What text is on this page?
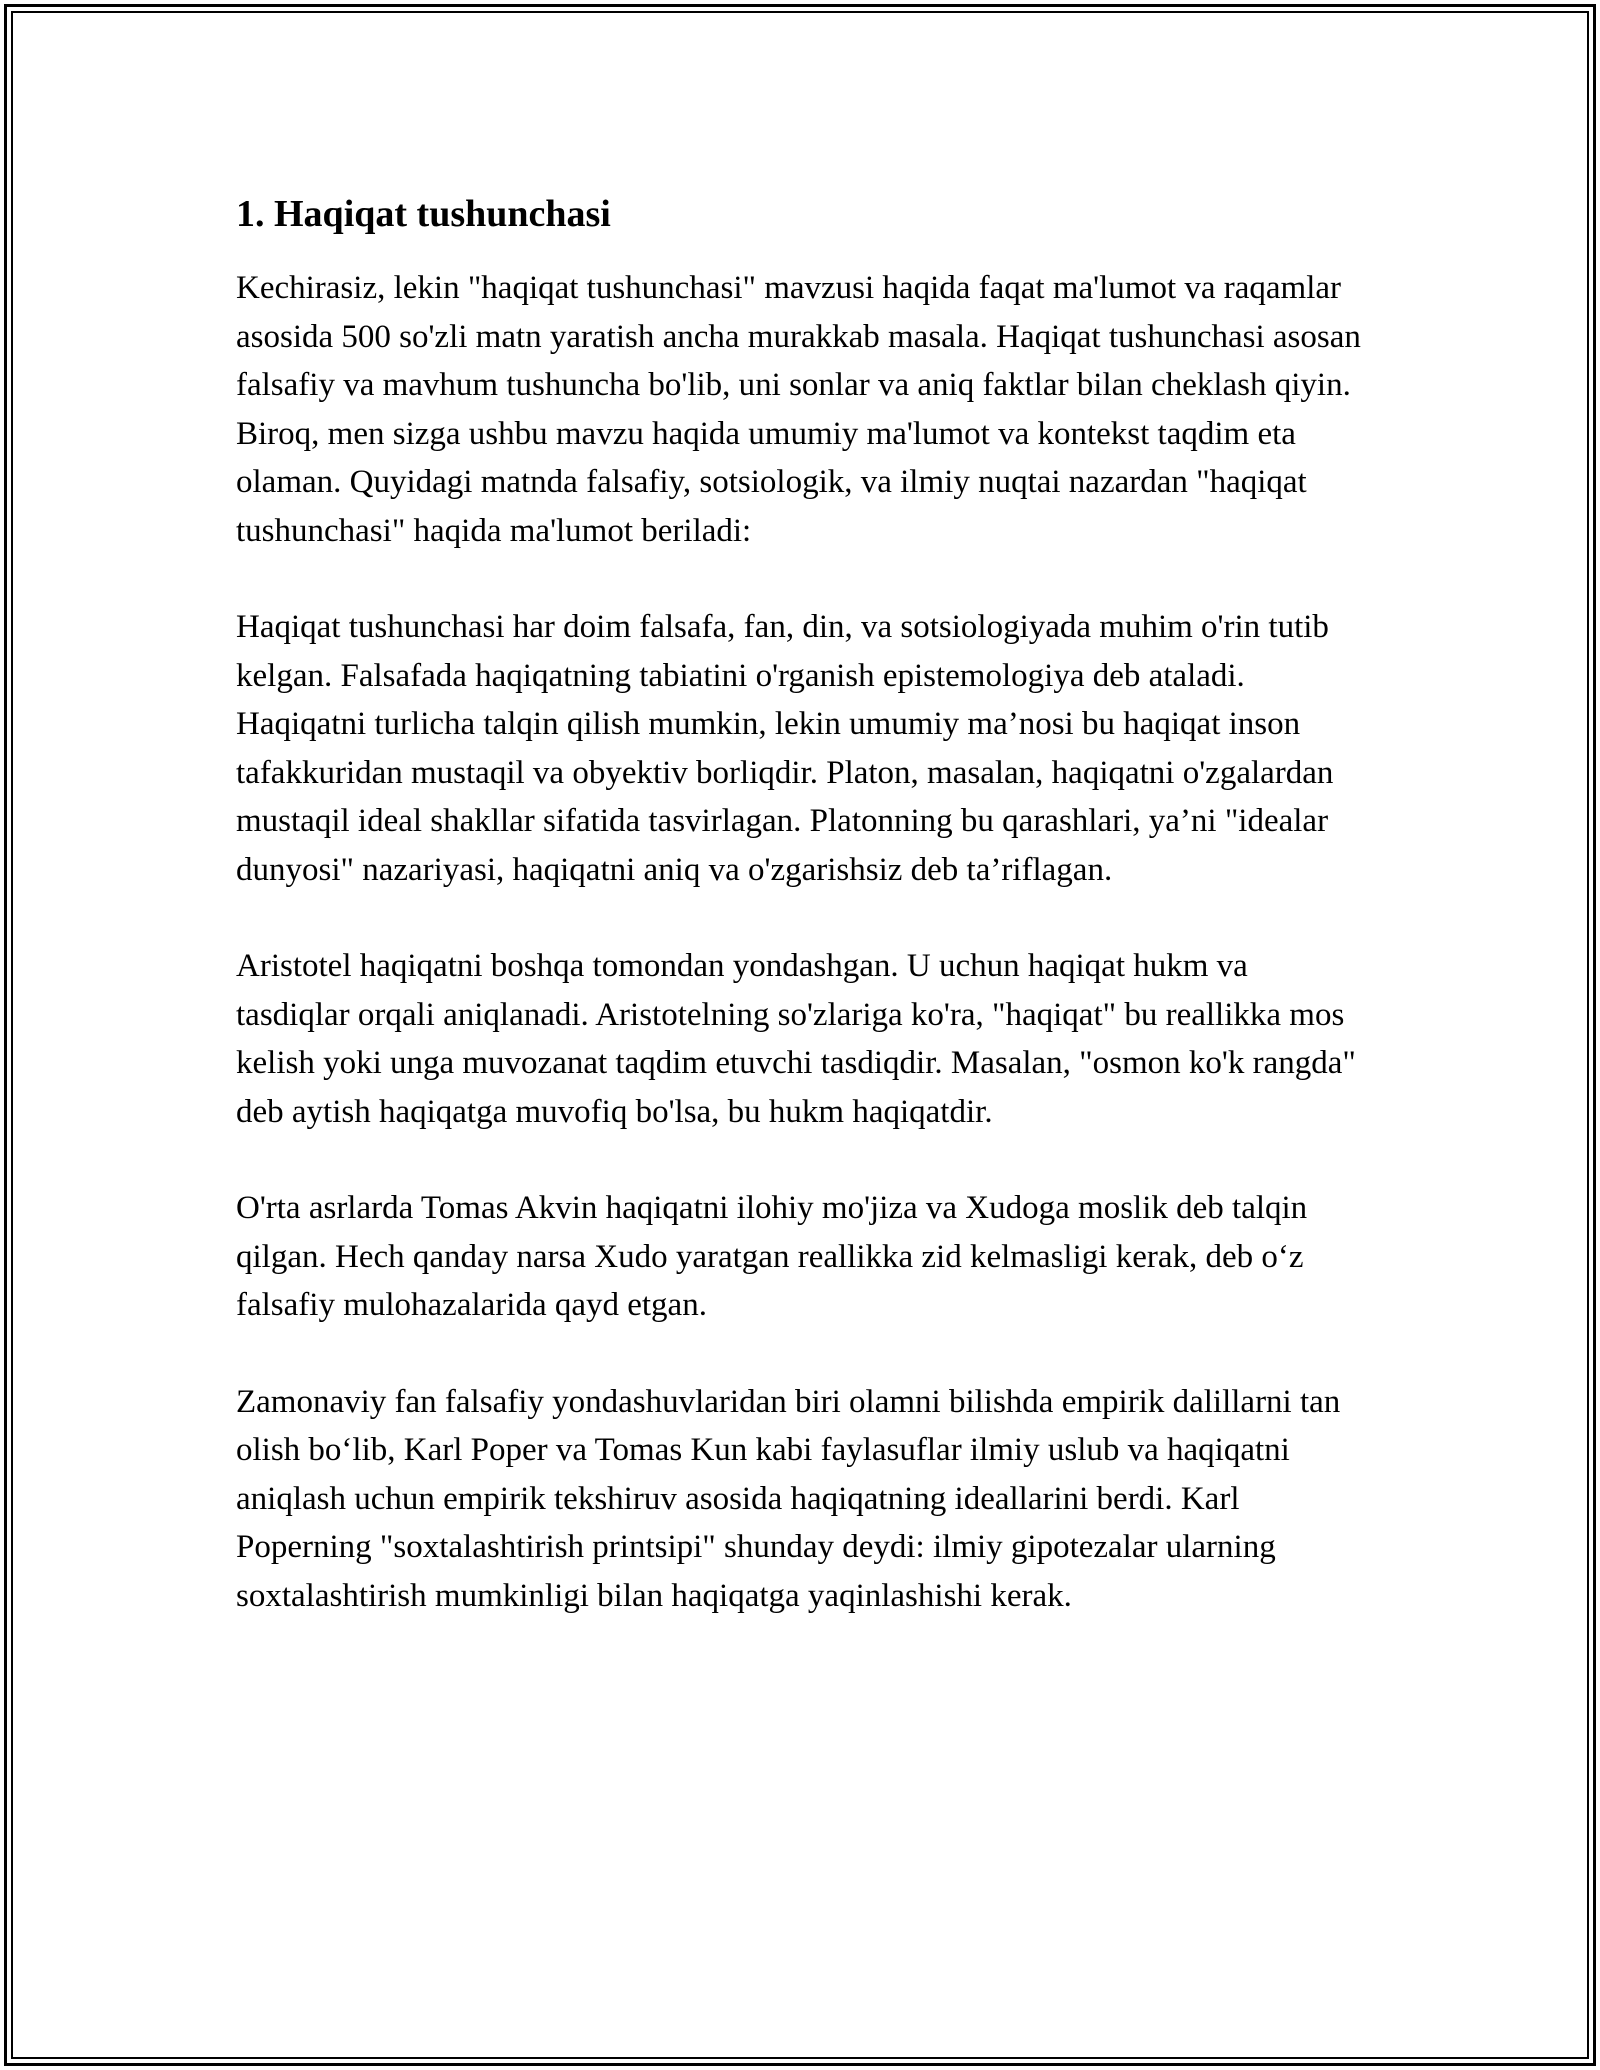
1. Haqiqat tushunchasi

Kechirasiz, lekin "haqiqat tushunchasi" mavzusi haqida faqat ma'lumot va raqamlar asosida 500 so'zli matn yaratish ancha murakkab masala. Haqiqat tushunchasi asosan falsafiy va mavhum tushuncha bo'lib, uni sonlar va aniq faktlar bilan cheklash qiyin. Biroq, men sizga ushbu mavzu haqida umumiy ma'lumot va kontekst taqdim eta olaman. Quyidagi matnda falsafiy, sotsiologik, va ilmiy nuqtai nazardan "haqiqat tushunchasi" haqida ma'lumot beriladi:

Haqiqat tushunchasi har doim falsafa, fan, din, va sotsiologiyada muhim o'rin tutib kelgan. Falsafada haqiqatning tabiatini o'rganish epistemologiya deb ataladi. Haqiqatni turlicha talqin qilish mumkin, lekin umumiy ma’nosi bu haqiqat inson tafakkuridan mustaqil va obyektiv borliqdir. Platon, masalan, haqiqatni o'zgalardan mustaqil ideal shakllar sifatida tasvirlagan. Platonning bu qarashlari, ya’ni "idealar dunyosi" nazariyasi, haqiqatni aniq va o'zgarishsiz deb ta’riflagan.

Aristotel haqiqatni boshqa tomondan yondashgan. U uchun haqiqat hukm va tasdiqlar orqali aniqlanadi. Aristotelning so'zlariga ko'ra, "haqiqat" bu reallikka mos kelish yoki unga muvozanat taqdim etuvchi tasdiqdir. Masalan, "osmon ko'k rangda" deb aytish haqiqatga muvofiq bo'lsa, bu hukm haqiqatdir.

O'rta asrlarda Tomas Akvin haqiqatni ilohiy mo'jiza va Xudoga moslik deb talqin qilgan. Hech qanday narsa Xudo yaratgan reallikka zid kelmasligi kerak, deb o‘z falsafiy mulohazalarida qayd etgan.

Zamonaviy fan falsafiy yondashuvlaridan biri olamni bilishda empirik dalillarni tan olish bo‘lib, Karl Poper va Tomas Kun kabi faylasuflar ilmiy uslub va haqiqatni aniqlash uchun empirik tekshiruv asosida haqiqatning ideallarini berdi. Karl Poperning "soxtalashtirish printsipi" shunday deydi: ilmiy gipotezalar ularning soxtalashtirish mumkinligi bilan haqiqatga yaqinlashishi kerak.
